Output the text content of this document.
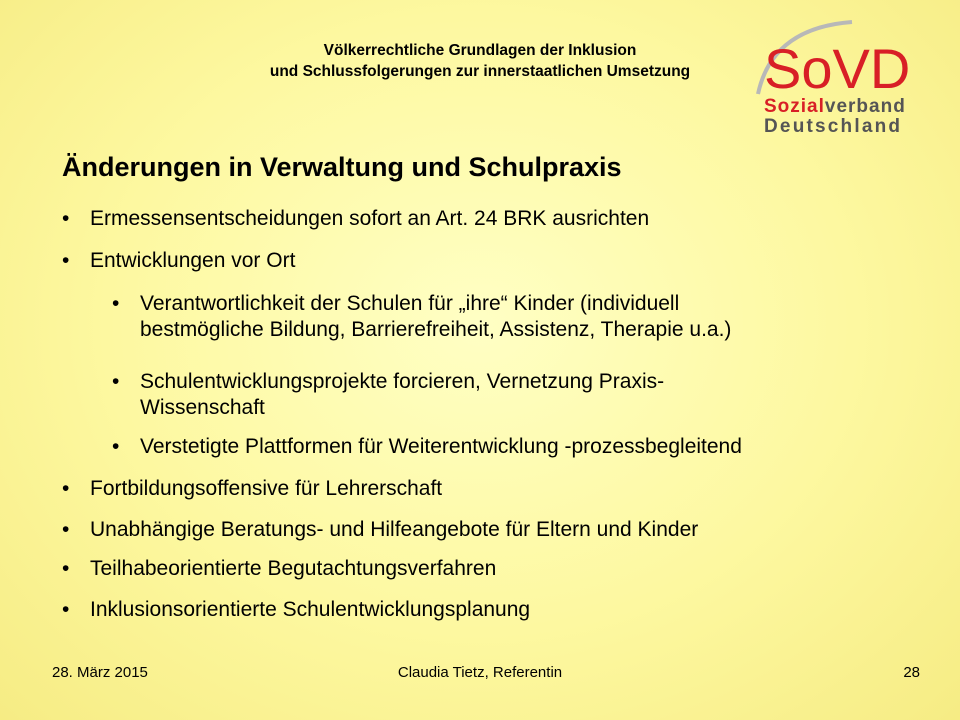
Völkerrechtliche Grundlagen der Inklusion
und Schlussfolgerungen zur innerstaatlichen Umsetzung	SoVD
Sozialverband
Deutschland
Änderungen in Verwaltung und Schulpraxis
• Ermessensentscheidungen sofort an Art. 24 BRK ausrichten
• Entwicklungen vor Ort
• Verantwortlichkeit der Schulen für „ihre“ Kinder (individuell
bestmögliche Bildung, Barrierefreiheit, Assistenz, Therapie u.a.)
• Schulentwicklungsprojekte forcieren, Vernetzung Praxis-
Wissenschaft
• Verstetigte Plattformen für Weiterentwicklung -prozessbegleitend
• Fortbildungsoffensive für Lehrerschaft
• Unabhängige Beratungs- und Hilfeangebote für Eltern und Kinder
• Teilhabeorientierte Begutachtungsverfahren
• Inklusionsorientierte Schulentwicklungsplanung
28. März 2015	Claudia Tietz, Referentin	28
